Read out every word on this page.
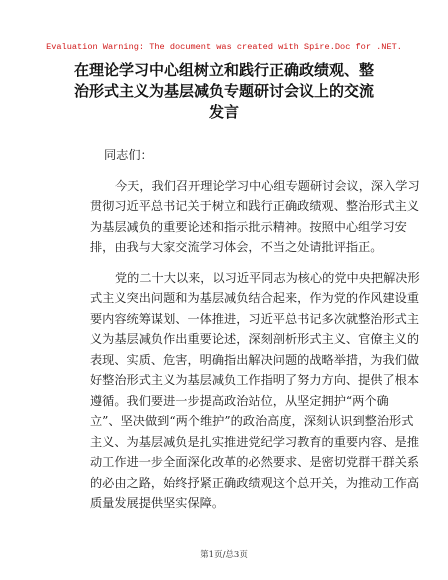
Evaluation Warning: The document was created with Spire.Doc for .NET.
在理论学习中心组树立和践行正确政绩观、整
治形式主义为基层减负专题研讨会议上的交流
发言
同志们：
今天，我们召开理论学习中心组专题研讨会议，深入学习
贯彻习近平总书记关于树立和践行正确政绩观、整治形式主义
为基层减负的重要论述和指示批示精神。按照中心组学习安
排，由我与大家交流学习体会，不当之处请批评指正。
党的二十大以来，以习近平同志为核心的党中央把解决形
式主义突出问题和为基层减负结合起来，作为党的作风建设重
要内容统筹谋划、一体推进，习近平总书记多次就整治形式主
义为基层减负作出重要论述，深刻剖析形式主义、官僚主义的
表现、实质、危害，明确指出解决问题的战略举措，为我们做
好整治形式主义为基层减负工作指明了努力方向、提供了根本
遵循。我们要进一步提高政治站位，从坚定拥护“两个确
立”、坚决做到“两个维护”的政治高度，深刻认识到整治形式
主义、为基层减负是扎实推进党纪学习教育的重要内容、是推
动工作进一步全面深化改革的必然要求、是密切党群干群关系
的必由之路，始终抒紧正确政绩观这个总开关，为推动工作高
质量发展提供坚实保障。
第1页/总3页
